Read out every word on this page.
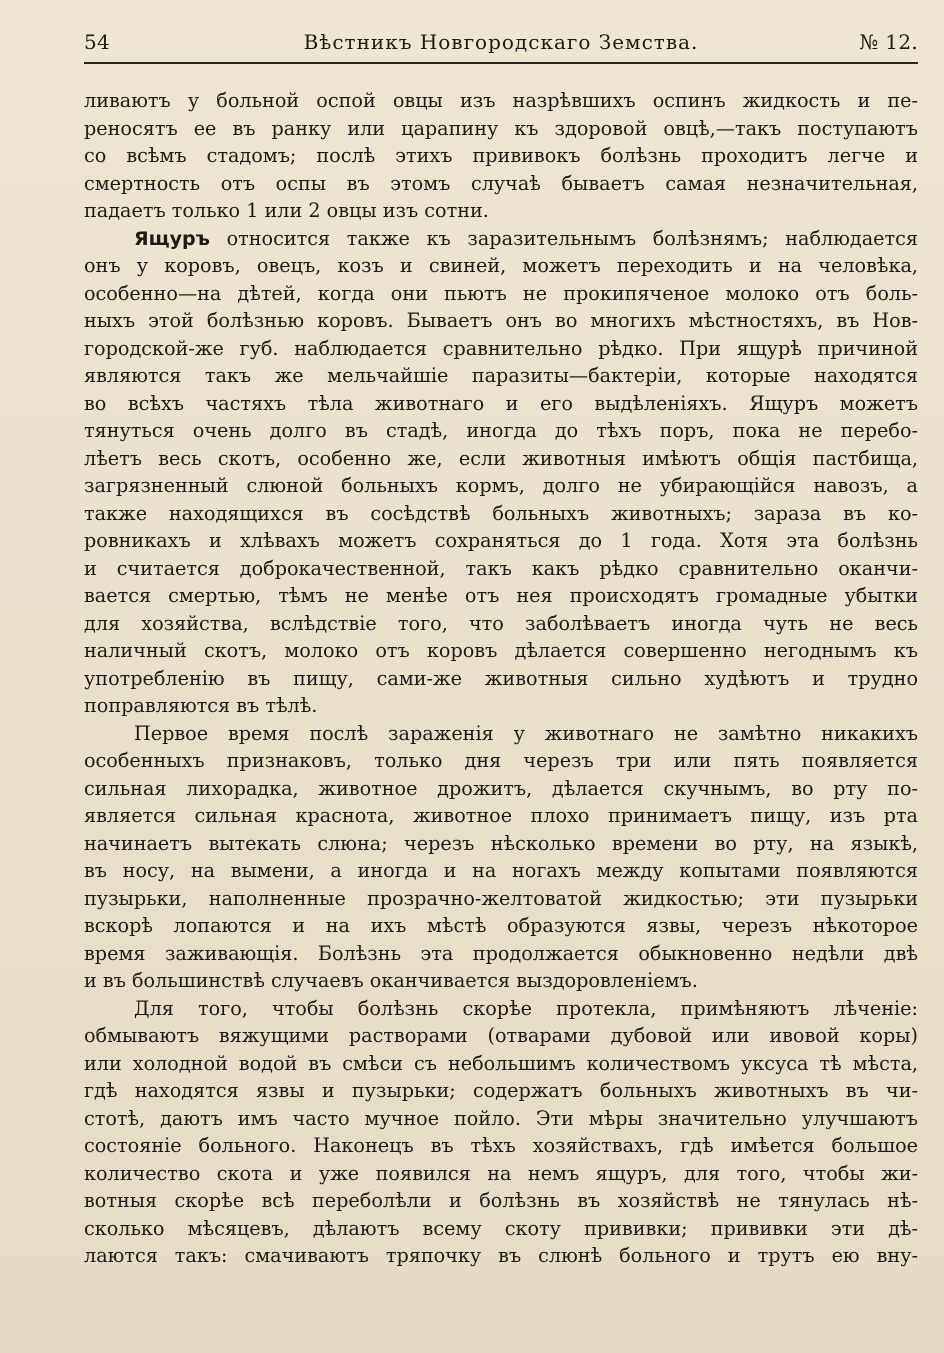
54	Вѣстникъ Новгородскаго Земства.	№ 12.
ливаютъ у больной оспой овцы изъ назрѣвшихъ оспинъ жидкость и пе-
реносятъ ее въ ранку или царапину къ здоровой овцѣ,—такъ поступаютъ
со всѣмъ стадомъ; послѣ этихъ прививокъ болѣзнь проходитъ легче и
смертность отъ оспы въ этомъ случаѣ бываетъ самая незначительная,
падаетъ только 1 или 2 овцы изъ сотни.
Ящуръ относится также къ заразительнымъ болѣзнямъ; наблюдается
онъ у коровъ, овецъ, козъ и свиней, можетъ переходить и на человѣка,
особенно—на дѣтей, когда они пьютъ не прокипяченое молоко отъ боль-
ныхъ этой болѣзнью коровъ. Бываетъ онъ во многихъ мѣстностяхъ, въ Нов-
городской-же губ. наблюдается сравнительно рѣдко. При ящурѣ причиной
являются такъ же мельчайшіе паразиты—бактеріи, которые находятся
во всѣхъ частяхъ тѣла животнаго и его выдѣленіяхъ. Ящуръ можетъ
тянуться очень долго въ стадѣ, иногда до тѣхъ поръ, пока не перебо-
лѣетъ весь скотъ, особенно же, если животныя имѣютъ общія пастбища,
загрязненный слюной больныхъ кормъ, долго не убирающійся навозъ, а
также находящихся въ сосѣдствѣ больныхъ животныхъ; зараза въ ко-
ровникахъ и хлѣвахъ можетъ сохраняться до 1 года. Хотя эта болѣзнь
и считается доброкачественной, такъ какъ рѣдко сравнительно оканчи-
вается смертью, тѣмъ не менѣе отъ нея происходятъ громадные убытки
для хозяйства, вслѣдствіе того, что заболѣваетъ иногда чуть не весь
наличный скотъ, молоко отъ коровъ дѣлается совершенно негоднымъ къ
употребленію въ пищу, сами-же животныя сильно худѣютъ и трудно
поправляются въ тѣлѣ.
Первое время послѣ зараженія у животнаго не замѣтно никакихъ
особенныхъ признаковъ, только дня черезъ три или пять появляется
сильная лихорадка, животное дрожитъ, дѣлается скучнымъ, во рту по-
является сильная краснота, животное плохо принимаетъ пищу, изъ рта
начинаетъ вытекать слюна; черезъ нѣсколько времени во рту, на языкѣ,
въ носу, на вымени, а иногда и на ногахъ между копытами появляются
пузырьки, наполненные прозрачно-желтоватой жидкостью; эти пузырьки
вскорѣ лопаются и на ихъ мѣстѣ образуются язвы, черезъ нѣкоторое
время заживающія. Болѣзнь эта продолжается обыкновенно недѣли двѣ
и въ большинствѣ случаевъ оканчивается выздоровленіемъ.
Для того, чтобы болѣзнь скорѣе протекла, примѣняютъ лѣченіе:
обмываютъ вяжущими растворами (отварами дубовой или ивовой коры)
или холодной водой въ смѣси съ небольшимъ количествомъ уксуса тѣ мѣста,
гдѣ находятся язвы и пузырьки; содержатъ больныхъ животныхъ въ чи-
стотѣ, даютъ имъ часто мучное пойло. Эти мѣры значительно улучшаютъ
состояніе больного. Наконецъ въ тѣхъ хозяйствахъ, гдѣ имѣется большое
количество скота и уже появился на немъ ящуръ, для того, чтобы жи-
вотныя скорѣе всѣ переболѣли и болѣзнь въ хозяйствѣ не тянулась нѣ-
сколько мѣсяцевъ, дѣлаютъ всему скоту прививки; прививки эти дѣ-
лаются такъ: смачиваютъ тряпочку въ слюнѣ больного и трутъ ею вну-
